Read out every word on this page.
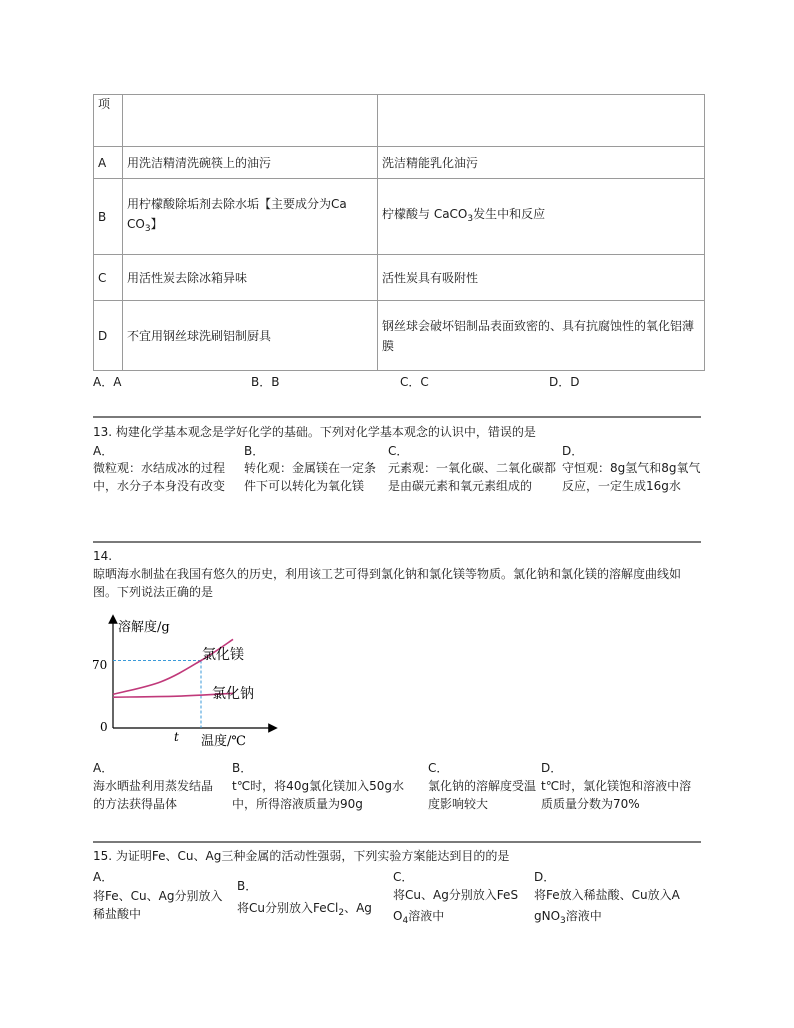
项		
A	用洗洁精清洗碗筷上的油污	洗洁精能乳化油污
B	用柠檬酸除垢剂去除水垢【主要成分为Ca
$CO_3$】	柠檬酸与 CaCO$_3$发生中和反应
C	用活性炭去除冰箱异味	活性炭具有吸附性
D	不宜用钢丝球洗刷铝制厨具	钢丝球会破坏铝制品表面致密的、具有抗腐蚀性的氧化铝薄膜
A．A	B．B	C．C	D．D
13. 构建化学基本观念是学好化学的基础。下列对化学基本观念的认识中，错误的是
A．	B．	C．	D．
微粒观：水结成冰的过程中，水分子本身没有改变
转化观：金属镁在一定条件下可以转化为氧化镁
元素观：一氧化碳、二氧化碳都是由碳元素和氧元素组成的
守恒观：8g氢气和8g氧气反应，一定生成16g水
14.
晾晒海水制盐在我国有悠久的历史，利用该工艺可得到氯化钠和氯化镁等物质。氯化钠和氯化镁的溶解度曲线如图。下列说法正确的是
溶解度/g
温度/℃
70
0
t
氯化镁
氯化钠
A．	B．	C．	D．
海水晒盐利用蒸发结晶的方法获得晶体
t℃时，将40g氯化镁加入50g水中，所得溶液质量为90g
氯化钠的溶解度受温度影响较大
t℃时，氯化镁饱和溶液中溶质质量分数为70%
15. 为证明Fe、Cu、Ag三种金属的活动性强弱，下列实验方案能达到目的的是
A．
将Fe、Cu、Ag分别放入稀盐酸中
B．
将Cu分别放入FeCl$_2$、Ag
C．
将Cu、Ag分别放入FeS
$O_4$溶液中
D．
将Fe放入稀盐酸、Cu放入A
gNO$_3$溶液中
